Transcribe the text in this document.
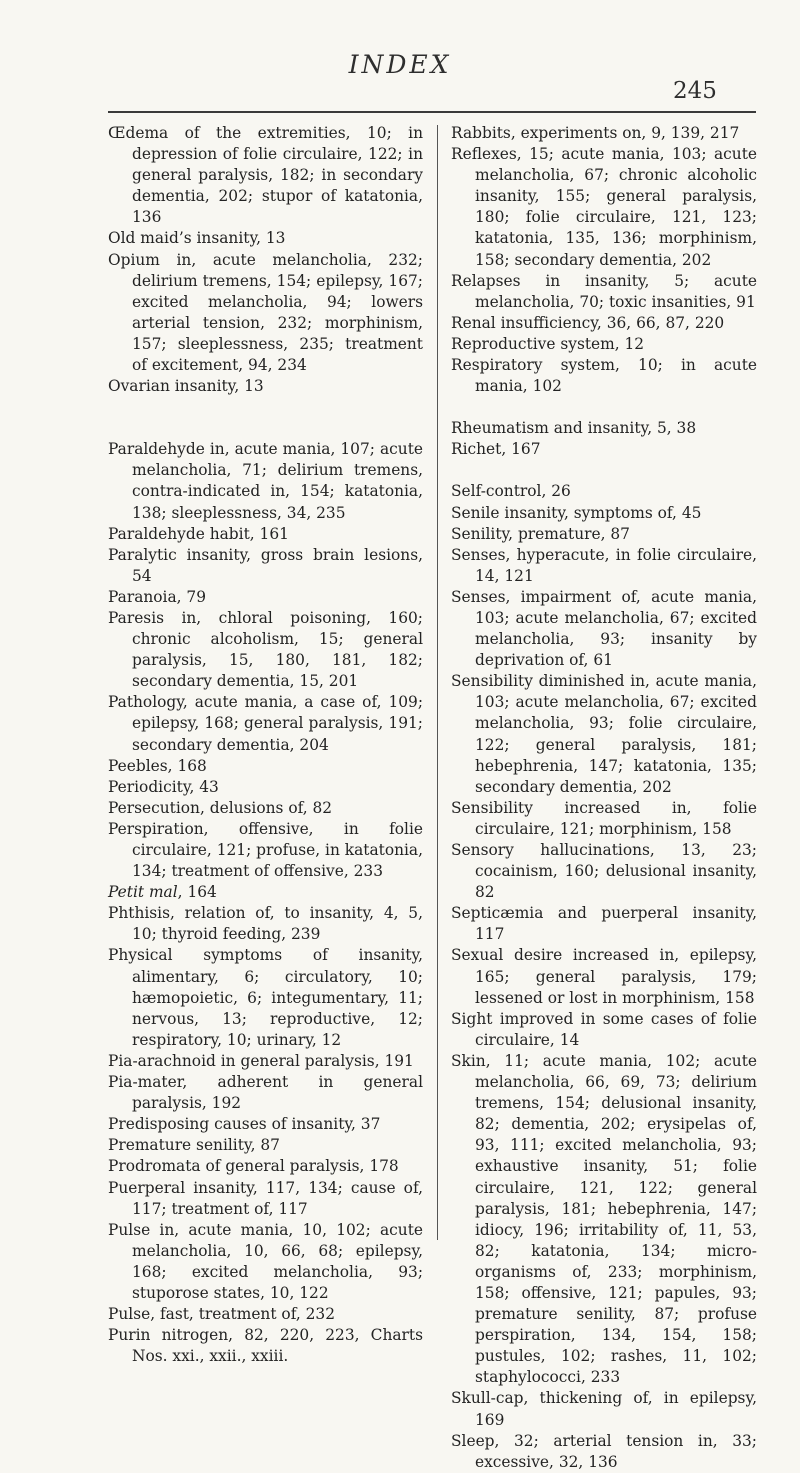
INDEX
245

Œdema of the extremities, 10; in depression of folie circulaire, 122; in general paralysis, 182; in secondary dementia, 202; stupor of katatonia, 136

Old maid’s insanity, 13

Opium in, acute melancholia, 232; delirium tremens, 154; epilepsy, 167; excited melancholia, 94; lowers arterial tension, 232; morphinism, 157; sleeplessness, 235; treatment of excitement, 94, 234

Ovarian insanity, 13

Paraldehyde in, acute mania, 107; acute melancholia, 71; delirium tremens, contra-indicated in, 154; katatonia, 138; sleeplessness, 34, 235

Paraldehyde habit, 161

Paralytic insanity, gross brain lesions, 54

Paranoia, 79

Paresis in, chloral poisoning, 160; chronic alcoholism, 15; general paralysis, 15, 180, 181, 182; secondary dementia, 15, 201

Pathology, acute mania, a case of, 109; epilepsy, 168; general paralysis, 191; secondary dementia, 204

Peebles, 168

Periodicity, 43

Persecution, delusions of, 82

Perspiration, offensive, in folie circulaire, 121; profuse, in katatonia, 134; treatment of offensive, 233

Petit mal, 164

Phthisis, relation of, to insanity, 4, 5, 10; thyroid feeding, 239

Physical symptoms of insanity, alimentary, 6; circulatory, 10; hæmopoietic, 6; integumentary, 11; nervous, 13; reproductive, 12; respiratory, 10; urinary, 12

Pia-arachnoid in general paralysis, 191

Pia-mater, adherent in general paralysis, 192

Predisposing causes of insanity, 37

Premature senility, 87

Prodromata of general paralysis, 178

Puerperal insanity, 117, 134; cause of, 117; treatment of, 117

Pulse in, acute mania, 10, 102; acute melancholia, 10, 66, 68; epilepsy, 168; excited melancholia, 93; stuporose states, 10, 122

Pulse, fast, treatment of, 232

Purin nitrogen, 82, 220, 223, Charts Nos. xxi., xxii., xxiii.

Rabbits, experiments on, 9, 139, 217

Reflexes, 15; acute mania, 103; acute melancholia, 67; chronic alcoholic insanity, 155; general paralysis, 180; folie circulaire, 121, 123; katatonia, 135, 136; morphinism, 158; secondary dementia, 202

Relapses in insanity, 5; acute melancholia, 70; toxic insanities, 91

Renal insufficiency, 36, 66, 87, 220

Reproductive system, 12

Respiratory system, 10; in acute mania, 102

Rheumatism and insanity, 5, 38

Richet, 167

Self-control, 26

Senile insanity, symptoms of, 45

Senility, premature, 87

Senses, hyperacute, in folie circulaire, 14, 121

Senses, impairment of, acute mania, 103; acute melancholia, 67; excited melancholia, 93; insanity by deprivation of, 61

Sensibility diminished in, acute mania, 103; acute melancholia, 67; excited melancholia, 93; folie circulaire, 122; general paralysis, 181; hebephrenia, 147; katatonia, 135; secondary dementia, 202

Sensibility increased in, folie circulaire, 121; morphinism, 158

Sensory hallucinations, 13, 23; cocainism, 160; delusional insanity, 82

Septicæmia and puerperal insanity, 117

Sexual desire increased in, epilepsy, 165; general paralysis, 179; lessened or lost in morphinism, 158

Sight improved in some cases of folie circulaire, 14

Skin, 11; acute mania, 102; acute melancholia, 66, 69, 73; delirium tremens, 154; delusional insanity, 82; dementia, 202; erysipelas of, 93, 111; excited melancholia, 93; exhaustive insanity, 51; folie circulaire, 121, 122; general paralysis, 181; hebephrenia, 147; idiocy, 196; irritability of, 11, 53, 82; katatonia, 134; micro-organisms of, 233; morphinism, 158; offensive, 121; papules, 93; premature senility, 87; profuse perspiration, 134, 154, 158; pustules, 102; rashes, 11, 102; staphylococci, 233

Skull-cap, thickening of, in epilepsy, 169

Sleep, 32; arterial tension in, 33; excessive, 32, 136
